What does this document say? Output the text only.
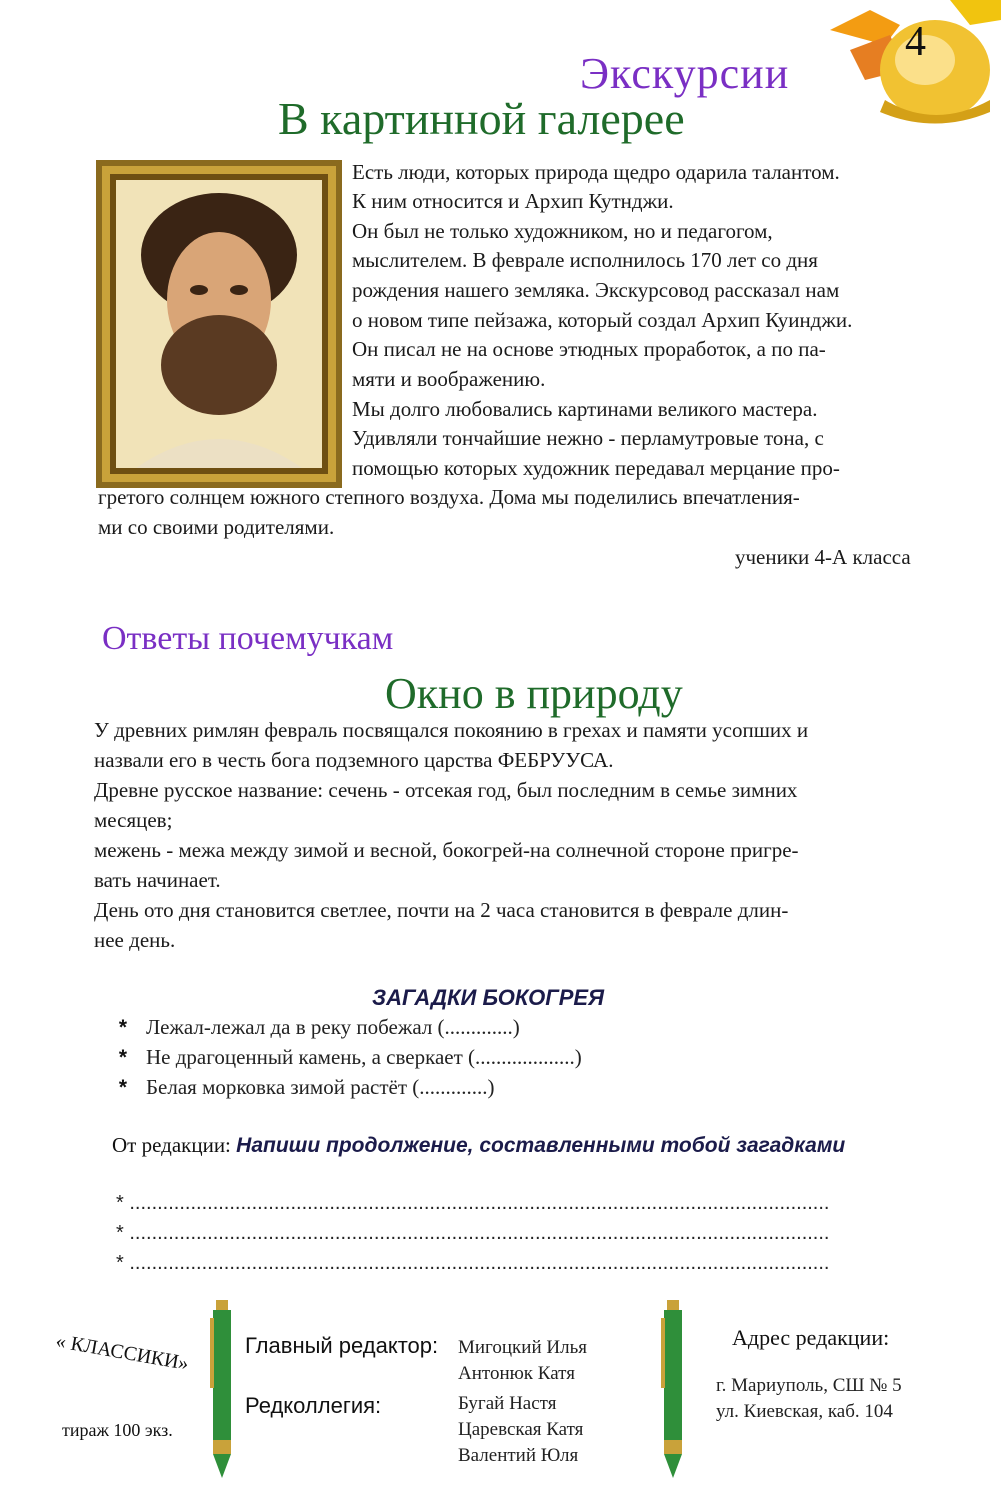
4
Экскурсии
В картинной галерее
Есть люди, которых природа щедро одарила талантом.
К ним относится и Архип Кутнджи.
Он был не только художником, но и педагогом,
мыслителем. В феврале исполнилось 170 лет со дня
рождения нашего земляка. Экскурсовод рассказал нам
о новом типе пейзажа, который создал Архип Куинджи.
Он писал не на основе этюдных проработок, а по па-
мяти и воображению.
Мы долго любовались картинами великого мастера.
Удивляли тончайшие нежно - перламутровые тона, с
помощью которых художник передавал мерцание про-
гретого солнцем южного степного воздуха. Дома мы поделились впечатления-
ми со своими родителями.
ученики 4-А класса
Ответы почемучкам
Окно в природу
У древних римлян февраль посвящался покоянию в грехах и памяти усопших и
назвали его в честь бога подземного царства ФЕБРУУСА.
Древне русское название: сечень - отсекая год, был последним в семье зимних
месяцев;
межень - межа между зимой и весной, бокогрей-на солнечной стороне пригре-
вать начинает.
День ото дня становится светлее, почти на 2 часа становится в феврале длин-
нее день.
ЗАГАДКИ БОКОГРЕЯ
* Лежал-лежал да в реку побежал (.............)
* Не драгоценный камень, а сверкает (...................)
* Белая морковка зимой растёт (.............)
От редакции: Напиши продолжение, составленными тобой загадками
* ..............................................................................................................................
* ..............................................................................................................................
* ..............................................................................................................................
« КЛАССИКИ»
тираж 100 экз.
Главный редактор: Мигоцкий Илья
Антонюк Катя
Редколлегия:	Бугай Настя
Царевская Катя
Валентий Юля
Адрес редакции:
г. Мариуполь, СШ № 5
ул. Киевская, каб. 104
